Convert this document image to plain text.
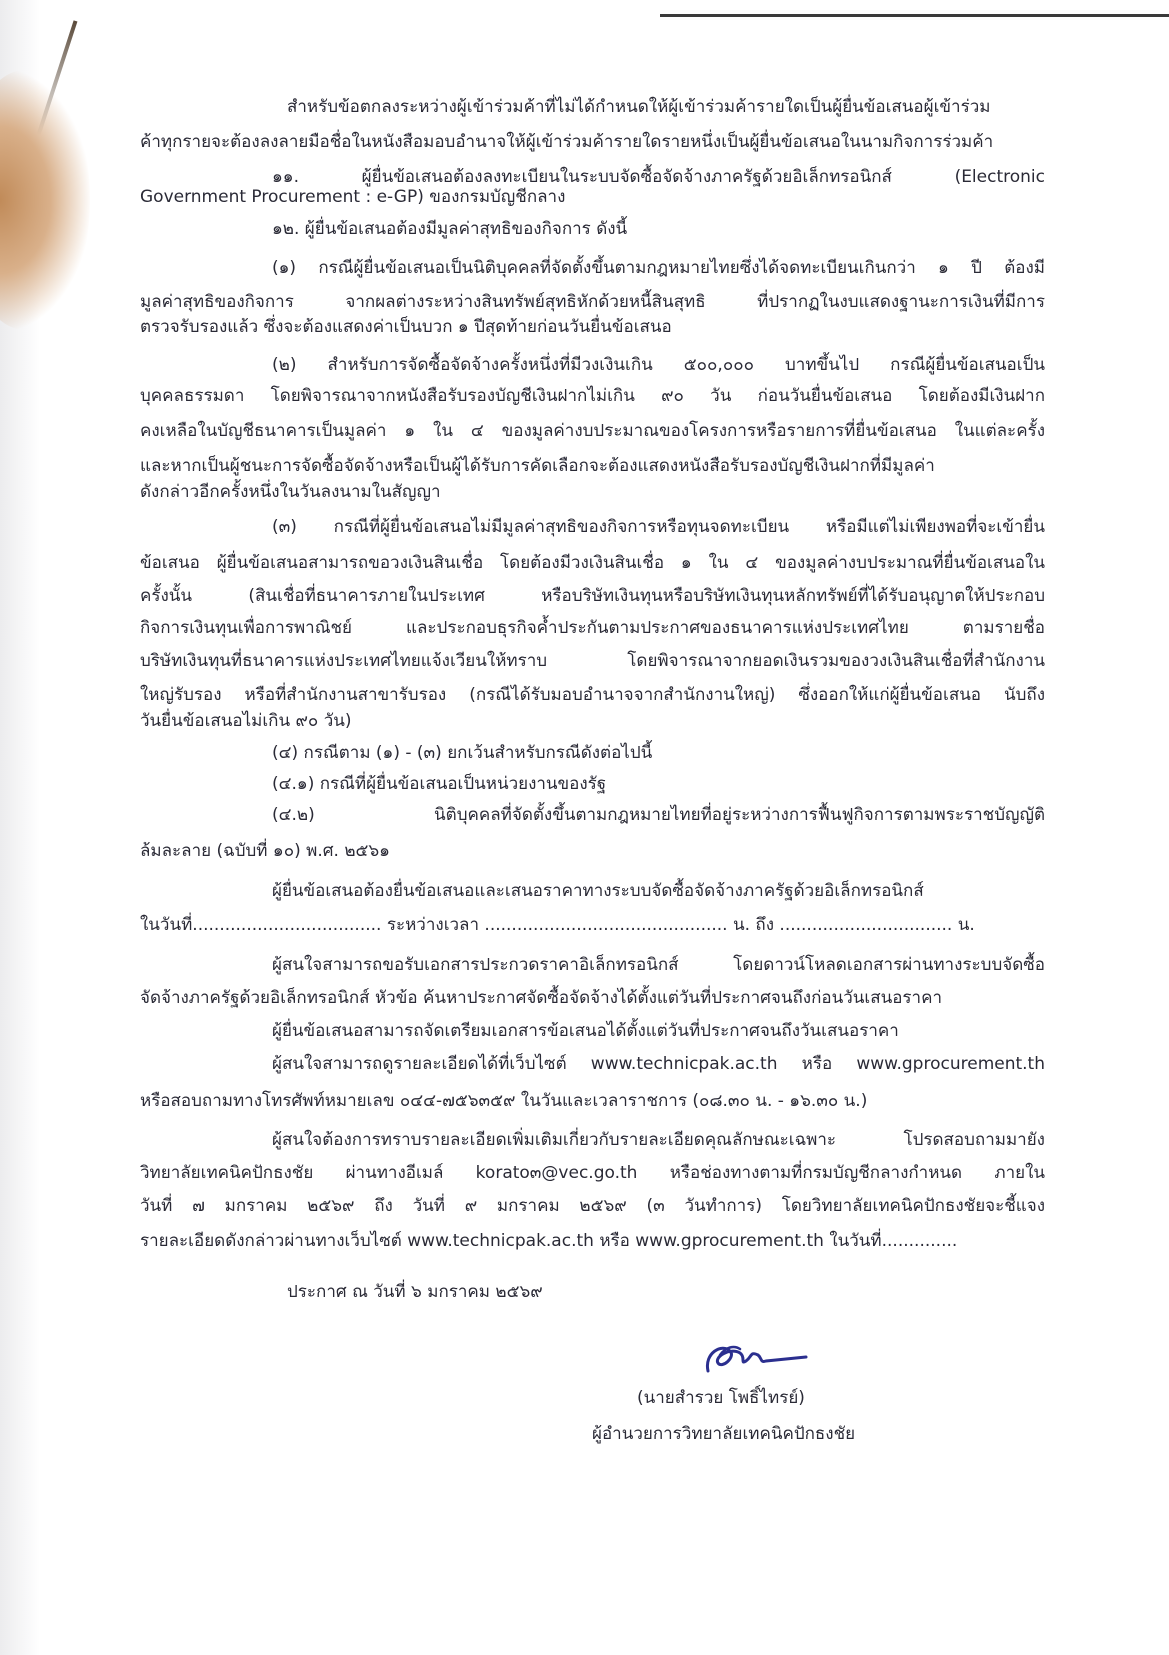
สำหรับข้อตกลงระหว่างผู้เข้าร่วมค้าที่ไม่ได้กำหนดให้ผู้เข้าร่วมค้ารายใดเป็นผู้ยื่นข้อเสนอผู้เข้าร่วม
ค้าทุกรายจะต้องลงลายมือชื่อในหนังสือมอบอำนาจให้ผู้เข้าร่วมค้ารายใดรายหนึ่งเป็นผู้ยื่นข้อเสนอในนามกิจการร่วมค้า
๑๑. ผู้ยื่นข้อเสนอต้องลงทะเบียนในระบบจัดซื้อจัดจ้างภาครัฐด้วยอิเล็กทรอนิกส์ (Electronic
Government Procurement : e-GP) ของกรมบัญชีกลาง
๑๒. ผู้ยื่นข้อเสนอต้องมีมูลค่าสุทธิของกิจการ ดังนี้
(๑) กรณีผู้ยื่นข้อเสนอเป็นนิติบุคคลที่จัดตั้งขึ้นตามกฎหมายไทยซึ่งได้จดทะเบียนเกินกว่า ๑ ปี ต้องมี
มูลค่าสุทธิของกิจการ จากผลต่างระหว่างสินทรัพย์สุทธิหักด้วยหนี้สินสุทธิ ที่ปรากฏในงบแสดงฐานะการเงินที่มีการ
ตรวจรับรองแล้ว ซึ่งจะต้องแสดงค่าเป็นบวก ๑ ปีสุดท้ายก่อนวันยื่นข้อเสนอ
(๒) สำหรับการจัดซื้อจัดจ้างครั้งหนึ่งที่มีวงเงินเกิน ๕๐๐,๐๐๐ บาทขึ้นไป กรณีผู้ยื่นข้อเสนอเป็น
บุคคลธรรมดา โดยพิจารณาจากหนังสือรับรองบัญชีเงินฝากไม่เกิน ๙๐ วัน ก่อนวันยื่นข้อเสนอ โดยต้องมีเงินฝาก
คงเหลือในบัญชีธนาคารเป็นมูลค่า ๑ ใน ๔ ของมูลค่างบประมาณของโครงการหรือรายการที่ยื่นข้อเสนอ ในแต่ละครั้ง
และหากเป็นผู้ชนะการจัดซื้อจัดจ้างหรือเป็นผู้ได้รับการคัดเลือกจะต้องแสดงหนังสือรับรองบัญชีเงินฝากที่มีมูลค่า
ดังกล่าวอีกครั้งหนึ่งในวันลงนามในสัญญา
(๓) กรณีที่ผู้ยื่นข้อเสนอไม่มีมูลค่าสุทธิของกิจการหรือทุนจดทะเบียน หรือมีแต่ไม่เพียงพอที่จะเข้ายื่น
ข้อเสนอ ผู้ยื่นข้อเสนอสามารถขอวงเงินสินเชื่อ โดยต้องมีวงเงินสินเชื่อ ๑ ใน ๔ ของมูลค่างบประมาณที่ยื่นข้อเสนอใน
ครั้งนั้น (สินเชื่อที่ธนาคารภายในประเทศ หรือบริษัทเงินทุนหรือบริษัทเงินทุนหลักทรัพย์ที่ได้รับอนุญาตให้ประกอบ
กิจการเงินทุนเพื่อการพาณิชย์ และประกอบธุรกิจค้ำประกันตามประกาศของธนาคารแห่งประเทศไทย ตามรายชื่อ
บริษัทเงินทุนที่ธนาคารแห่งประเทศไทยแจ้งเวียนให้ทราบ โดยพิจารณาจากยอดเงินรวมของวงเงินสินเชื่อที่สำนักงาน
ใหญ่รับรอง หรือที่สำนักงานสาขารับรอง (กรณีได้รับมอบอำนาจจากสำนักงานใหญ่) ซึ่งออกให้แก่ผู้ยื่นข้อเสนอ นับถึง
วันยื่นข้อเสนอไม่เกิน ๙๐ วัน)
(๔) กรณีตาม (๑) - (๓) ยกเว้นสำหรับกรณีดังต่อไปนี้
(๔.๑) กรณีที่ผู้ยื่นข้อเสนอเป็นหน่วยงานของรัฐ
(๔.๒) นิติบุคคลที่จัดตั้งขึ้นตามกฎหมายไทยที่อยู่ระหว่างการฟื้นฟูกิจการตามพระราชบัญญัติ
ล้มละลาย (ฉบับที่ ๑๐) พ.ศ. ๒๕๖๑
ผู้ยื่นข้อเสนอต้องยื่นข้อเสนอและเสนอราคาทางระบบจัดซื้อจัดจ้างภาครัฐด้วยอิเล็กทรอนิกส์
ในวันที่................................... ระหว่างเวลา ............................................. น. ถึง ................................ น.
ผู้สนใจสามารถขอรับเอกสารประกวดราคาอิเล็กทรอนิกส์ โดยดาวน์โหลดเอกสารผ่านทางระบบจัดซื้อ
จัดจ้างภาครัฐด้วยอิเล็กทรอนิกส์ หัวข้อ ค้นหาประกาศจัดซื้อจัดจ้างได้ตั้งแต่วันที่ประกาศจนถึงก่อนวันเสนอราคา
ผู้ยื่นข้อเสนอสามารถจัดเตรียมเอกสารข้อเสนอได้ตั้งแต่วันที่ประกาศจนถึงวันเสนอราคา
ผู้สนใจสามารถดูรายละเอียดได้ที่เว็บไซต์ www.technicpak.ac.th หรือ www.gprocurement.th
หรือสอบถามทางโทรศัพท์หมายเลข ๐๔๔-๗๕๖๓๕๙ ในวันและเวลาราชการ (๐๘.๓๐ น. - ๑๖.๓๐ น.)
ผู้สนใจต้องการทราบรายละเอียดเพิ่มเติมเกี่ยวกับรายละเอียดคุณลักษณะเฉพาะ โปรดสอบถามมายัง
วิทยาลัยเทคนิคปักธงชัย ผ่านทางอีเมล์ korato๓@vec.go.th หรือช่องทางตามที่กรมบัญชีกลางกำหนด ภายใน
วันที่ ๗ มกราคม ๒๕๖๙ ถึง วันที่ ๙ มกราคม ๒๕๖๙ (๓ วันทำการ) โดยวิทยาลัยเทคนิคปักธงชัยจะชี้แจง
รายละเอียดดังกล่าวผ่านทางเว็บไซต์ www.technicpak.ac.th หรือ www.gprocurement.th ในวันที่..............
ประกาศ ณ วันที่ ๖ มกราคม ๒๕๖๙
(นายสำรวย โพธิ์ไทรย์)
ผู้อำนวยการวิทยาลัยเทคนิคปักธงชัย
